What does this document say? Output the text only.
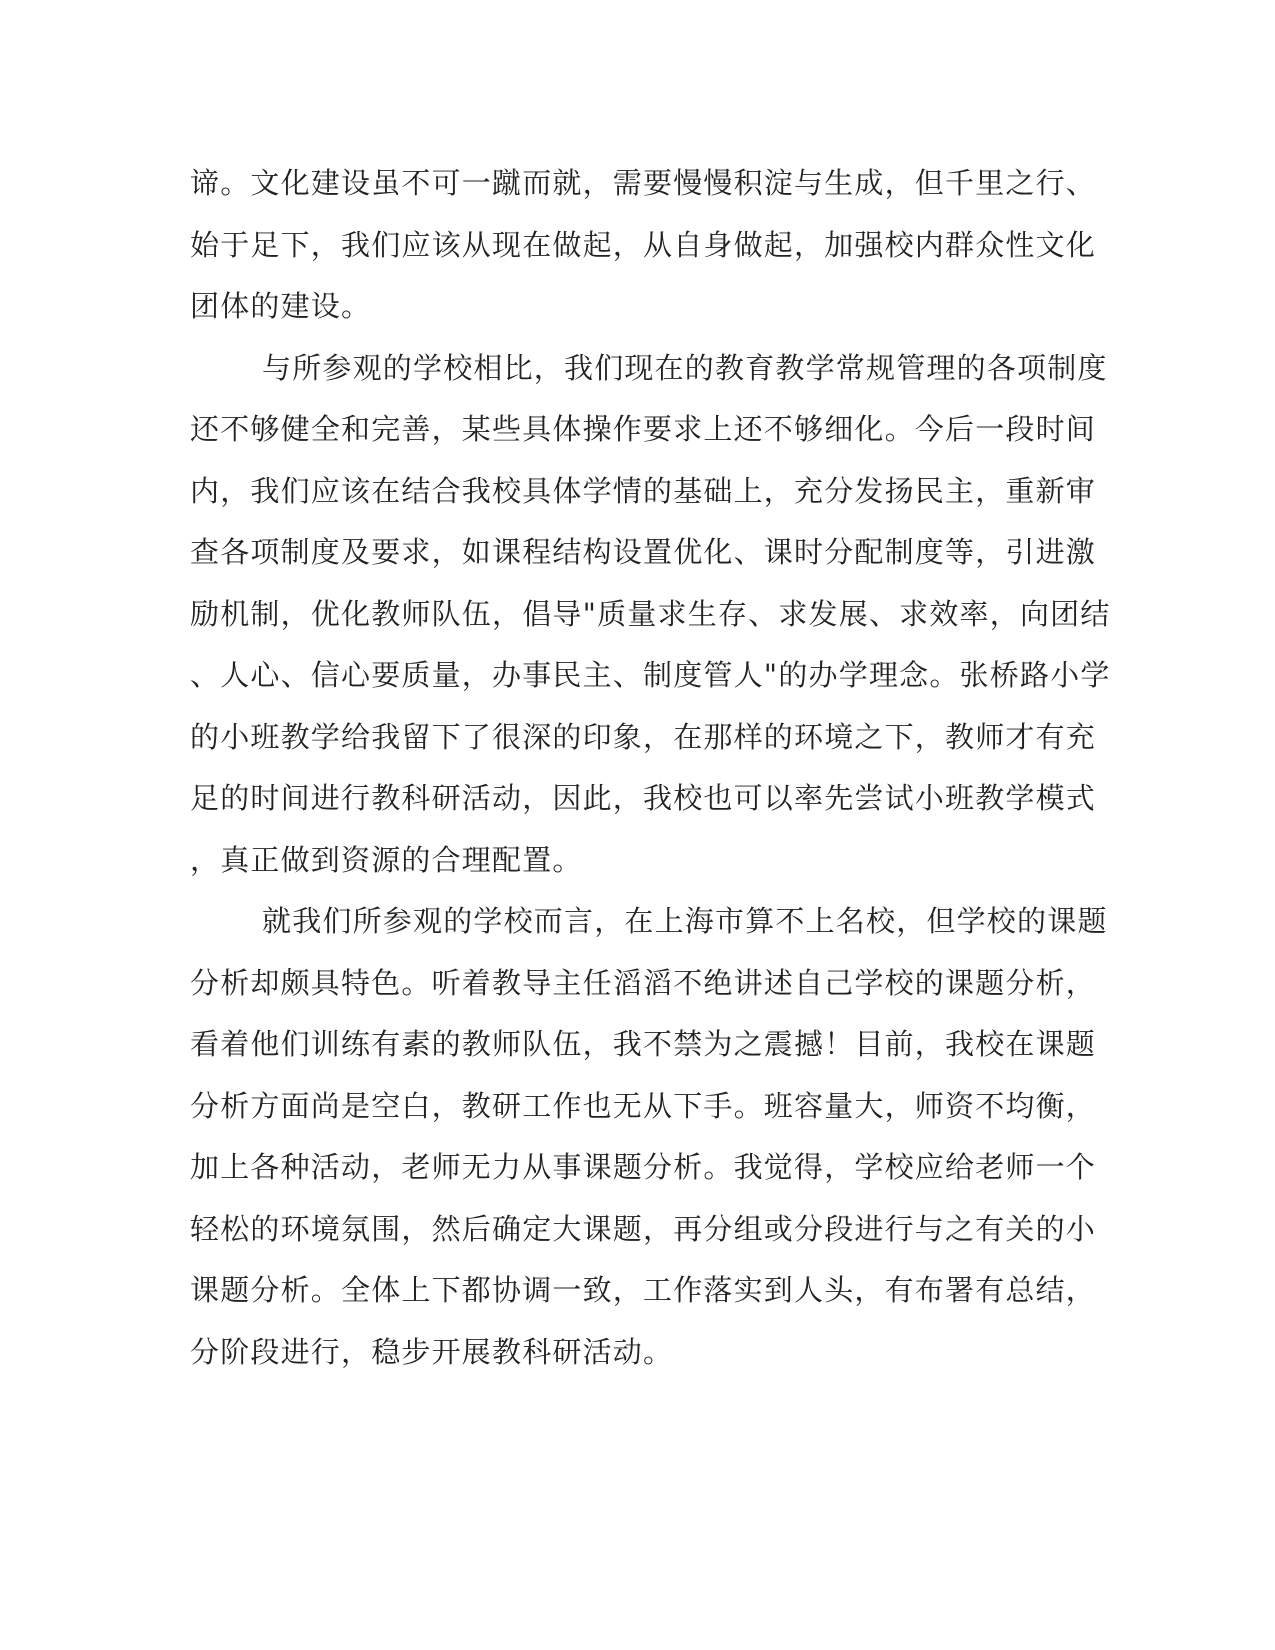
谛。文化建设虽不可一蹴而就，需要慢慢积淀与生成，但千里之行、
始于足下，我们应该从现在做起，从自身做起，加强校内群众性文化
团体的建设。
与所参观的学校相比，我们现在的教育教学常规管理的各项制度
还不够健全和完善，某些具体操作要求上还不够细化。今后一段时间
内，我们应该在结合我校具体学情的基础上，充分发扬民主，重新审
查各项制度及要求，如课程结构设置优化、课时分配制度等，引进激
励机制，优化教师队伍，倡导"质量求生存、求发展、求效率，向团结
、人心、信心要质量，办事民主、制度管人"的办学理念。张桥路小学
的小班教学给我留下了很深的印象，在那样的环境之下，教师才有充
足的时间进行教科研活动，因此，我校也可以率先尝试小班教学模式
，真正做到资源的合理配置。
就我们所参观的学校而言，在上海市算不上名校，但学校的课题
分析却颇具特色。听着教导主任滔滔不绝讲述自己学校的课题分析，
看着他们训练有素的教师队伍，我不禁为之震撼！目前，我校在课题
分析方面尚是空白，教研工作也无从下手。班容量大，师资不均衡，
加上各种活动，老师无力从事课题分析。我觉得，学校应给老师一个
轻松的环境氛围，然后确定大课题，再分组或分段进行与之有关的小
课题分析。全体上下都协调一致，工作落实到人头，有布署有总结，
分阶段进行，稳步开展教科研活动。
